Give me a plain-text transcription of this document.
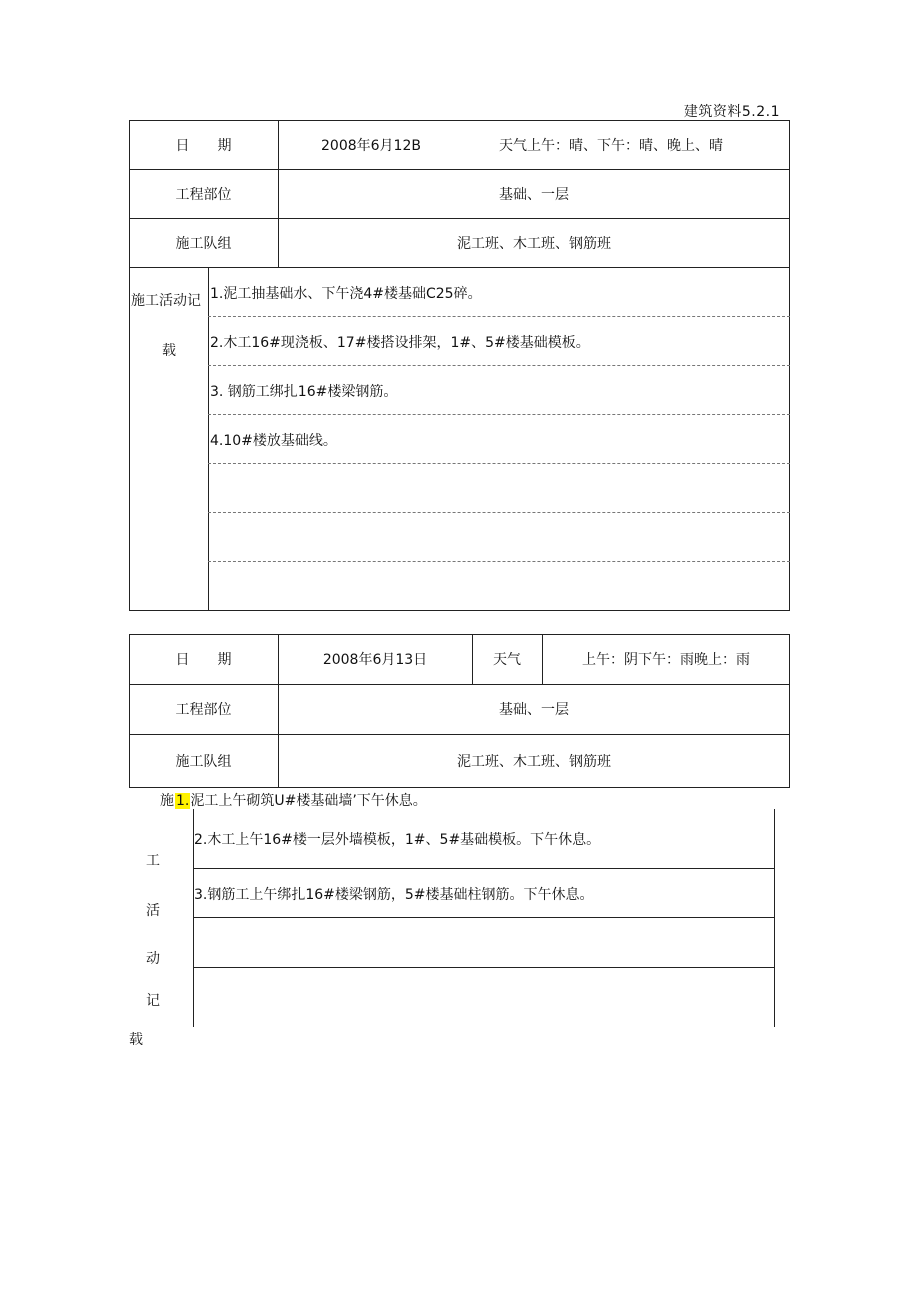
建筑资料5.2.1
日　　期	2008年6月12B	天气上午：晴、下午：晴、晚上、晴
工程部位	基础、一层
施工队组	泥工班、木工班、钢筋班
施工活动记
载
1.泥工抽基础水、下午浇4#楼基础C25碎。
2.木工16#现浇板、17#楼搭设排架，1#、5#楼基础模板。
3. 钢筋工绑扎16#楼梁钢筋。
4.10#楼放基础线。
日　　期	2008年6月13日	天气	上午：阴下午：雨晚上：雨
工程部位	基础、一层
施工队组	泥工班、木工班、钢筋班
施 1.泥工上午砌筑U#楼基础墙’下午休息。
2.木工上午16#楼一层外墙模板，1#、5#基础模板。下午休息。
3.钢筋工上午绑扎16#楼梁钢筋，5#楼基础柱钢筋。下午休息。
工
活
动
记
载
